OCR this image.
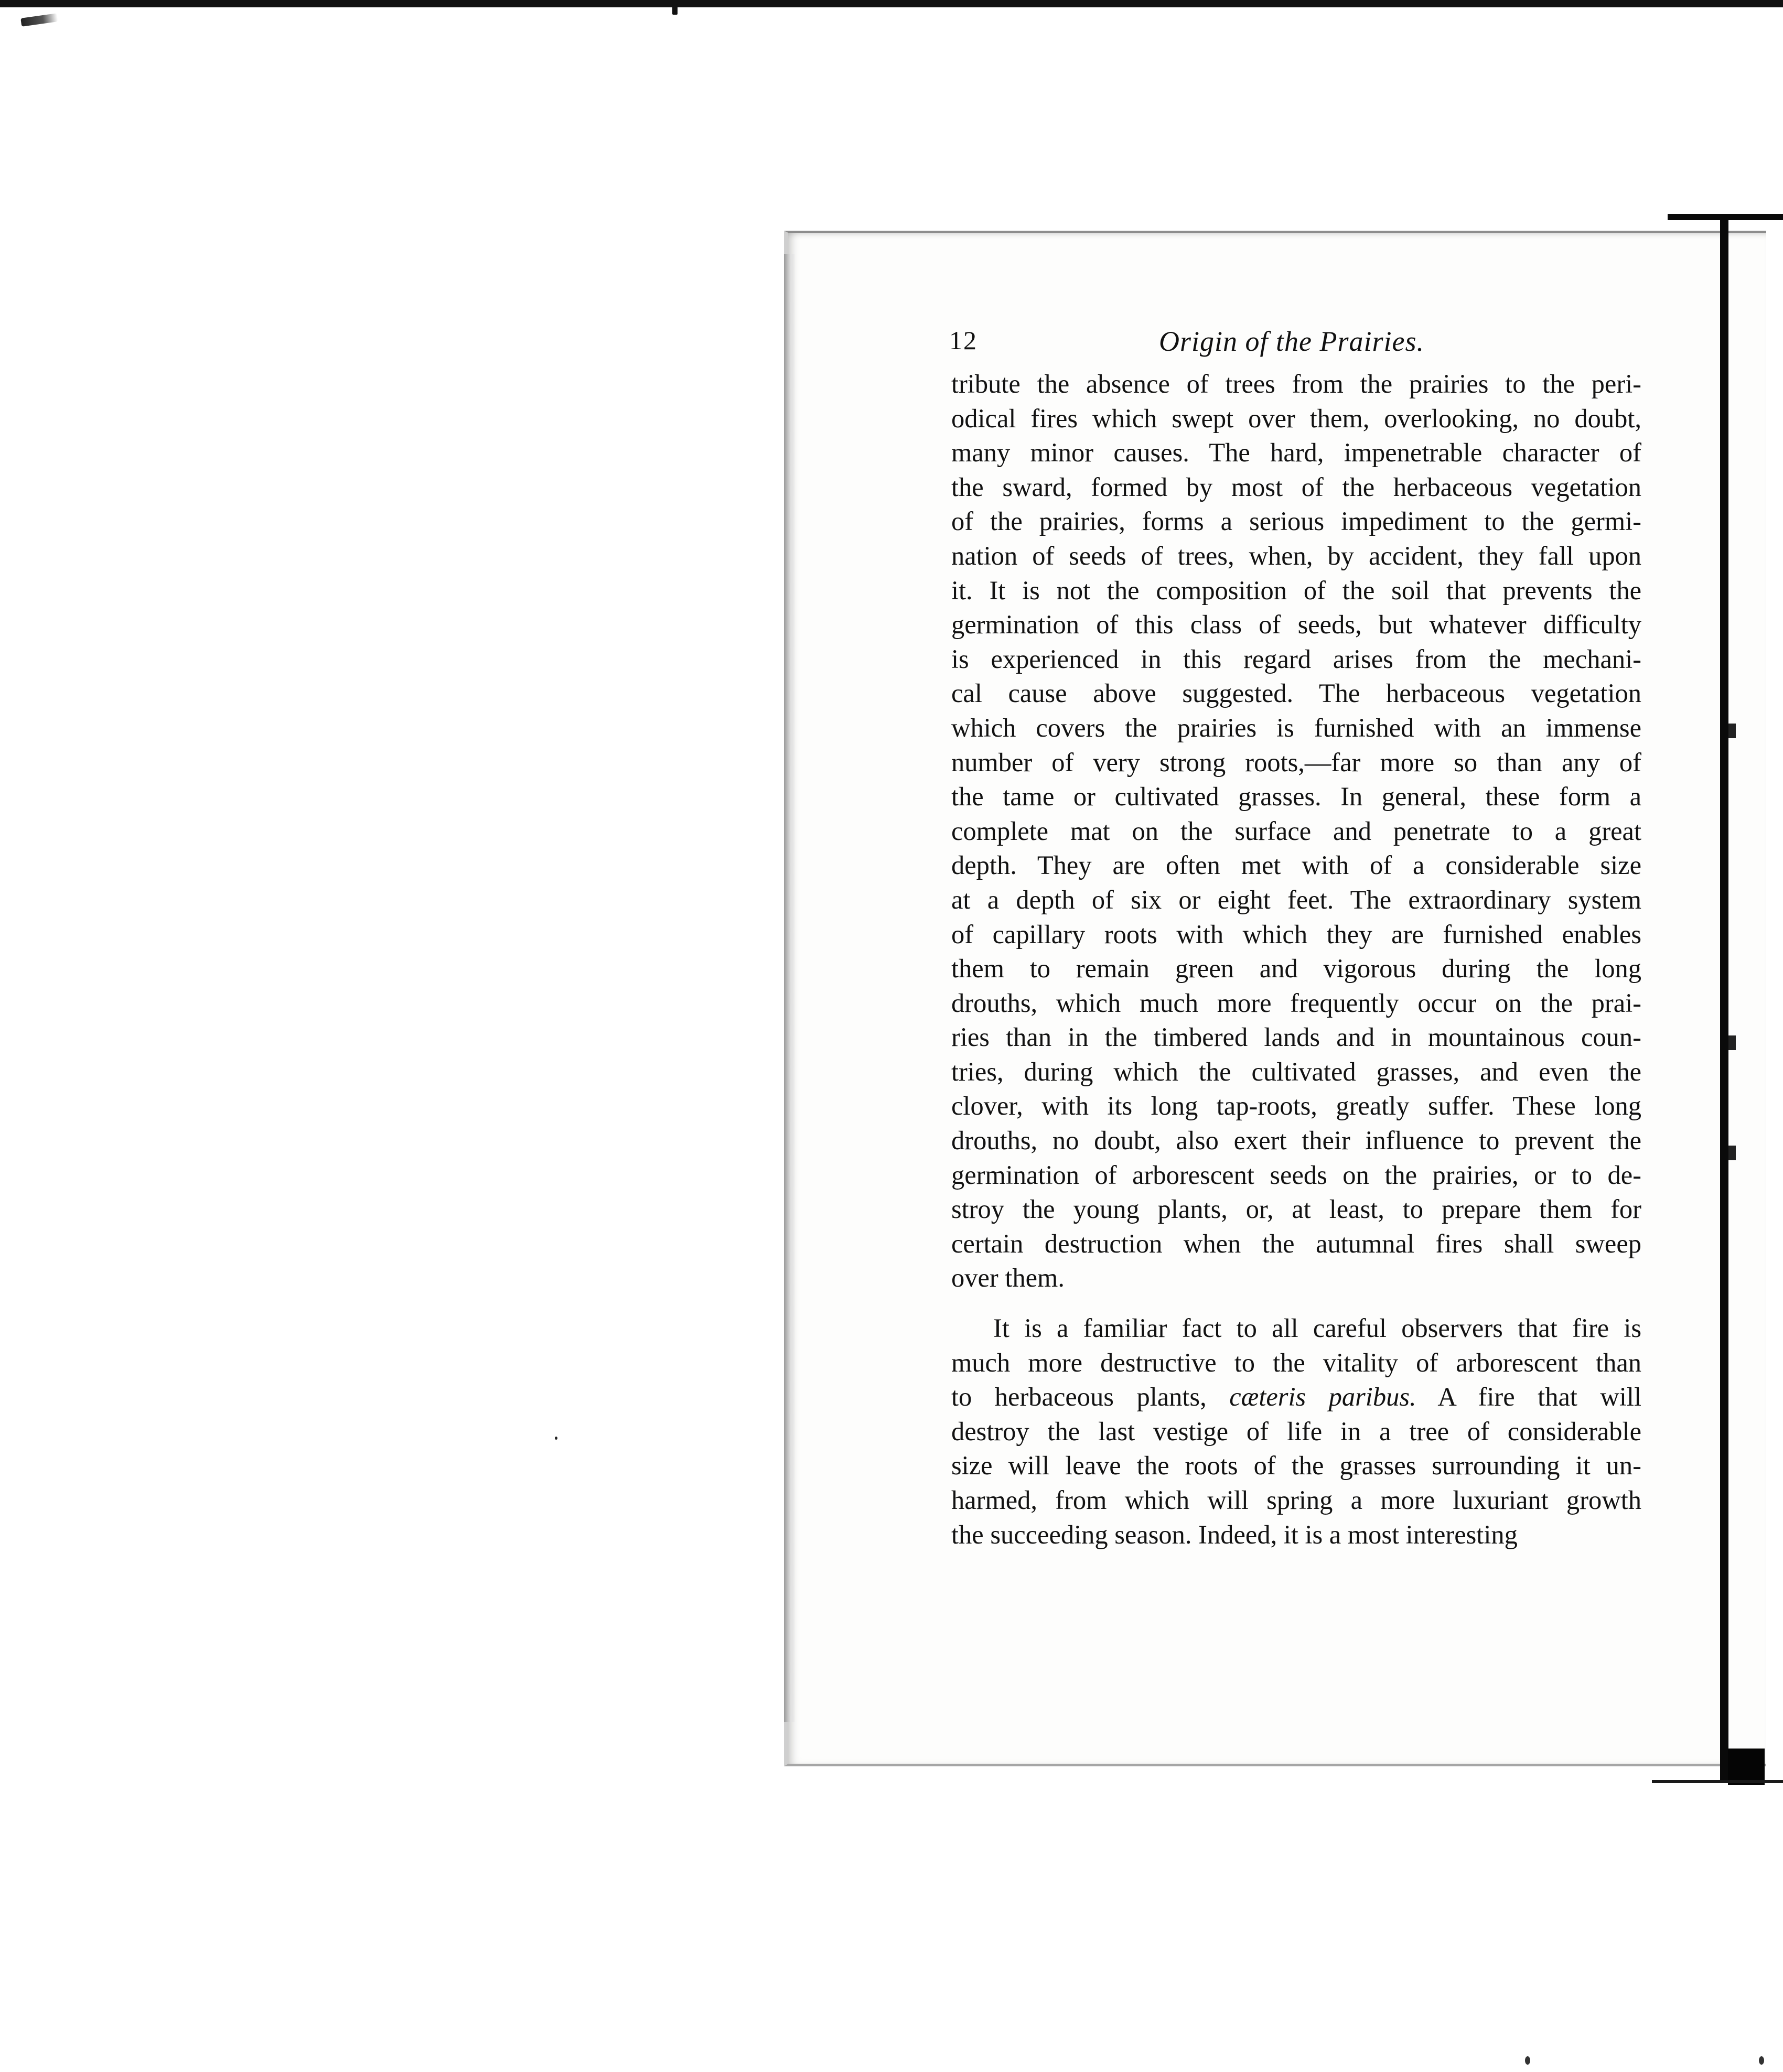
12	Origin of the Prairies.
tribute the absence of trees from the prairies to the peri-
odical fires which swept over them, overlooking, no doubt,
many minor causes. The hard, impenetrable character of
the sward, formed by most of the herbaceous vegetation
of the prairies, forms a serious impediment to the germi-
nation of seeds of trees, when, by accident, they fall upon
it. It is not the composition of the soil that prevents the
germination of this class of seeds, but whatever difficulty
is experienced in this regard arises from the mechani-
cal cause above suggested. The herbaceous vegetation
which covers the prairies is furnished with an immense
number of very strong roots,—far more so than any of
the tame or cultivated grasses. In general, these form a
complete mat on the surface and penetrate to a great
depth. They are often met with of a considerable size
at a depth of six or eight feet. The extraordinary system
of capillary roots with which they are furnished enables
them to remain green and vigorous during the long
drouths, which much more frequently occur on the prai-
ries than in the timbered lands and in mountainous coun-
tries, during which the cultivated grasses, and even the
clover, with its long tap-roots, greatly suffer. These long
drouths, no doubt, also exert their influence to prevent the
germination of arborescent seeds on the prairies, or to de-
stroy the young plants, or, at least, to prepare them for
certain destruction when the autumnal fires shall sweep
over them.
It is a familiar fact to all careful observers that fire is
much more destructive to the vitality of arborescent than
to herbaceous plants, cæteris paribus. A fire that will
destroy the last vestige of life in a tree of considerable
size will leave the roots of the grasses surrounding it un-
harmed, from which will spring a more luxuriant growth
the succeeding season. Indeed, it is a most interesting
